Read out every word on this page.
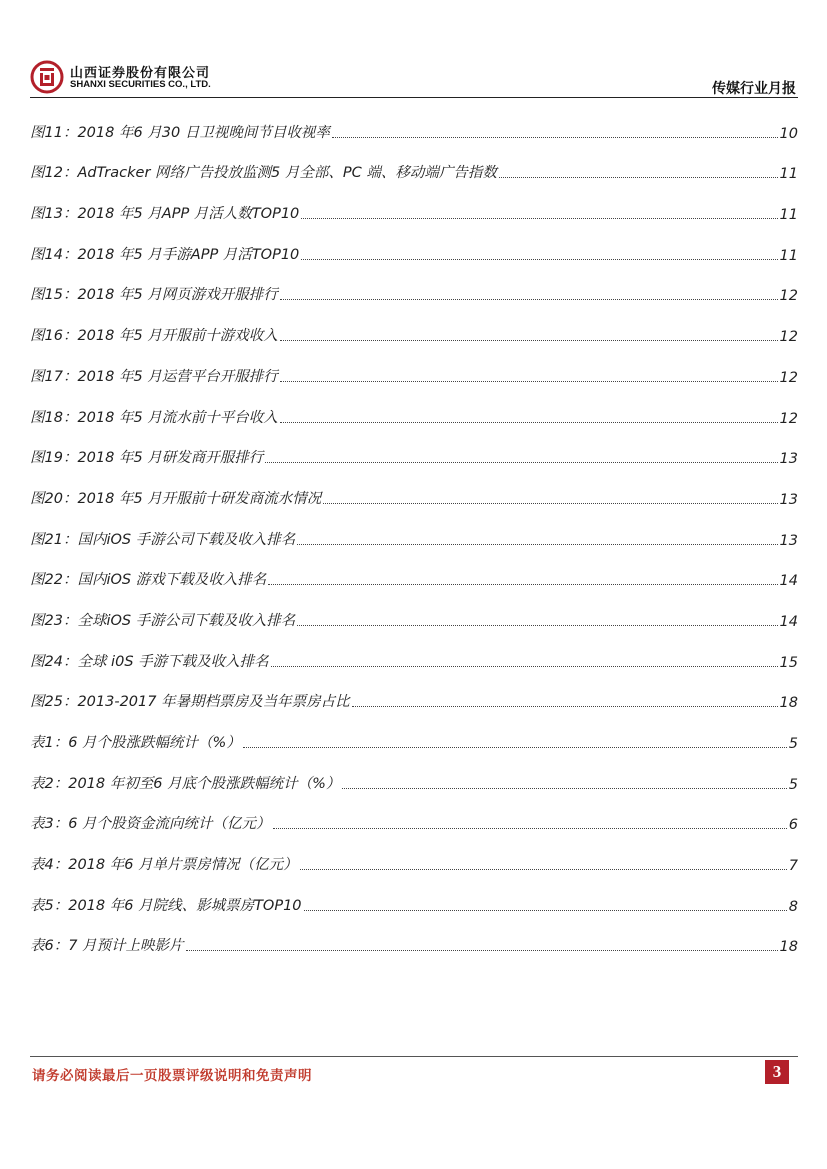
山西证券股份有限公司
SHANXI SECURITIES CO., LTD.	传媒行业月报
图11：2018 年6 月30 日卫视晚间节目收视率	10
图12：AdTracker 网络广告投放监测5 月全部、PC 端、移动端广告指数	11
图13：2018 年5 月APP 月活人数TOP10	11
图14：2018 年5 月手游APP 月活TOP10	11
图15：2018 年5 月网页游戏开服排行	12
图16：2018 年5 月开服前十游戏收入	12
图17：2018 年5 月运营平台开服排行	12
图18：2018 年5 月流水前十平台收入	12
图19：2018 年5 月研发商开服排行	13
图20：2018 年5 月开服前十研发商流水情况	13
图21：国内iOS 手游公司下载及收入排名	13
图22：国内iOS 游戏下载及收入排名	14
图23：全球iOS 手游公司下载及收入排名	14
图24：全球 i0S 手游下载及收入排名	15
图25：2013-2017 年暑期档票房及当年票房占比	18
表1：6 月个股涨跌幅统计（%）	5
表2：2018 年初至6 月底个股涨跌幅统计（%）	5
表3：6 月个股资金流向统计（亿元）	6
表4：2018 年6 月单片票房情况（亿元）	7
表5：2018 年6 月院线、影城票房TOP10	8
表6：7 月预计上映影片	18
请务必阅读最后一页股票评级说明和免责声明	3
